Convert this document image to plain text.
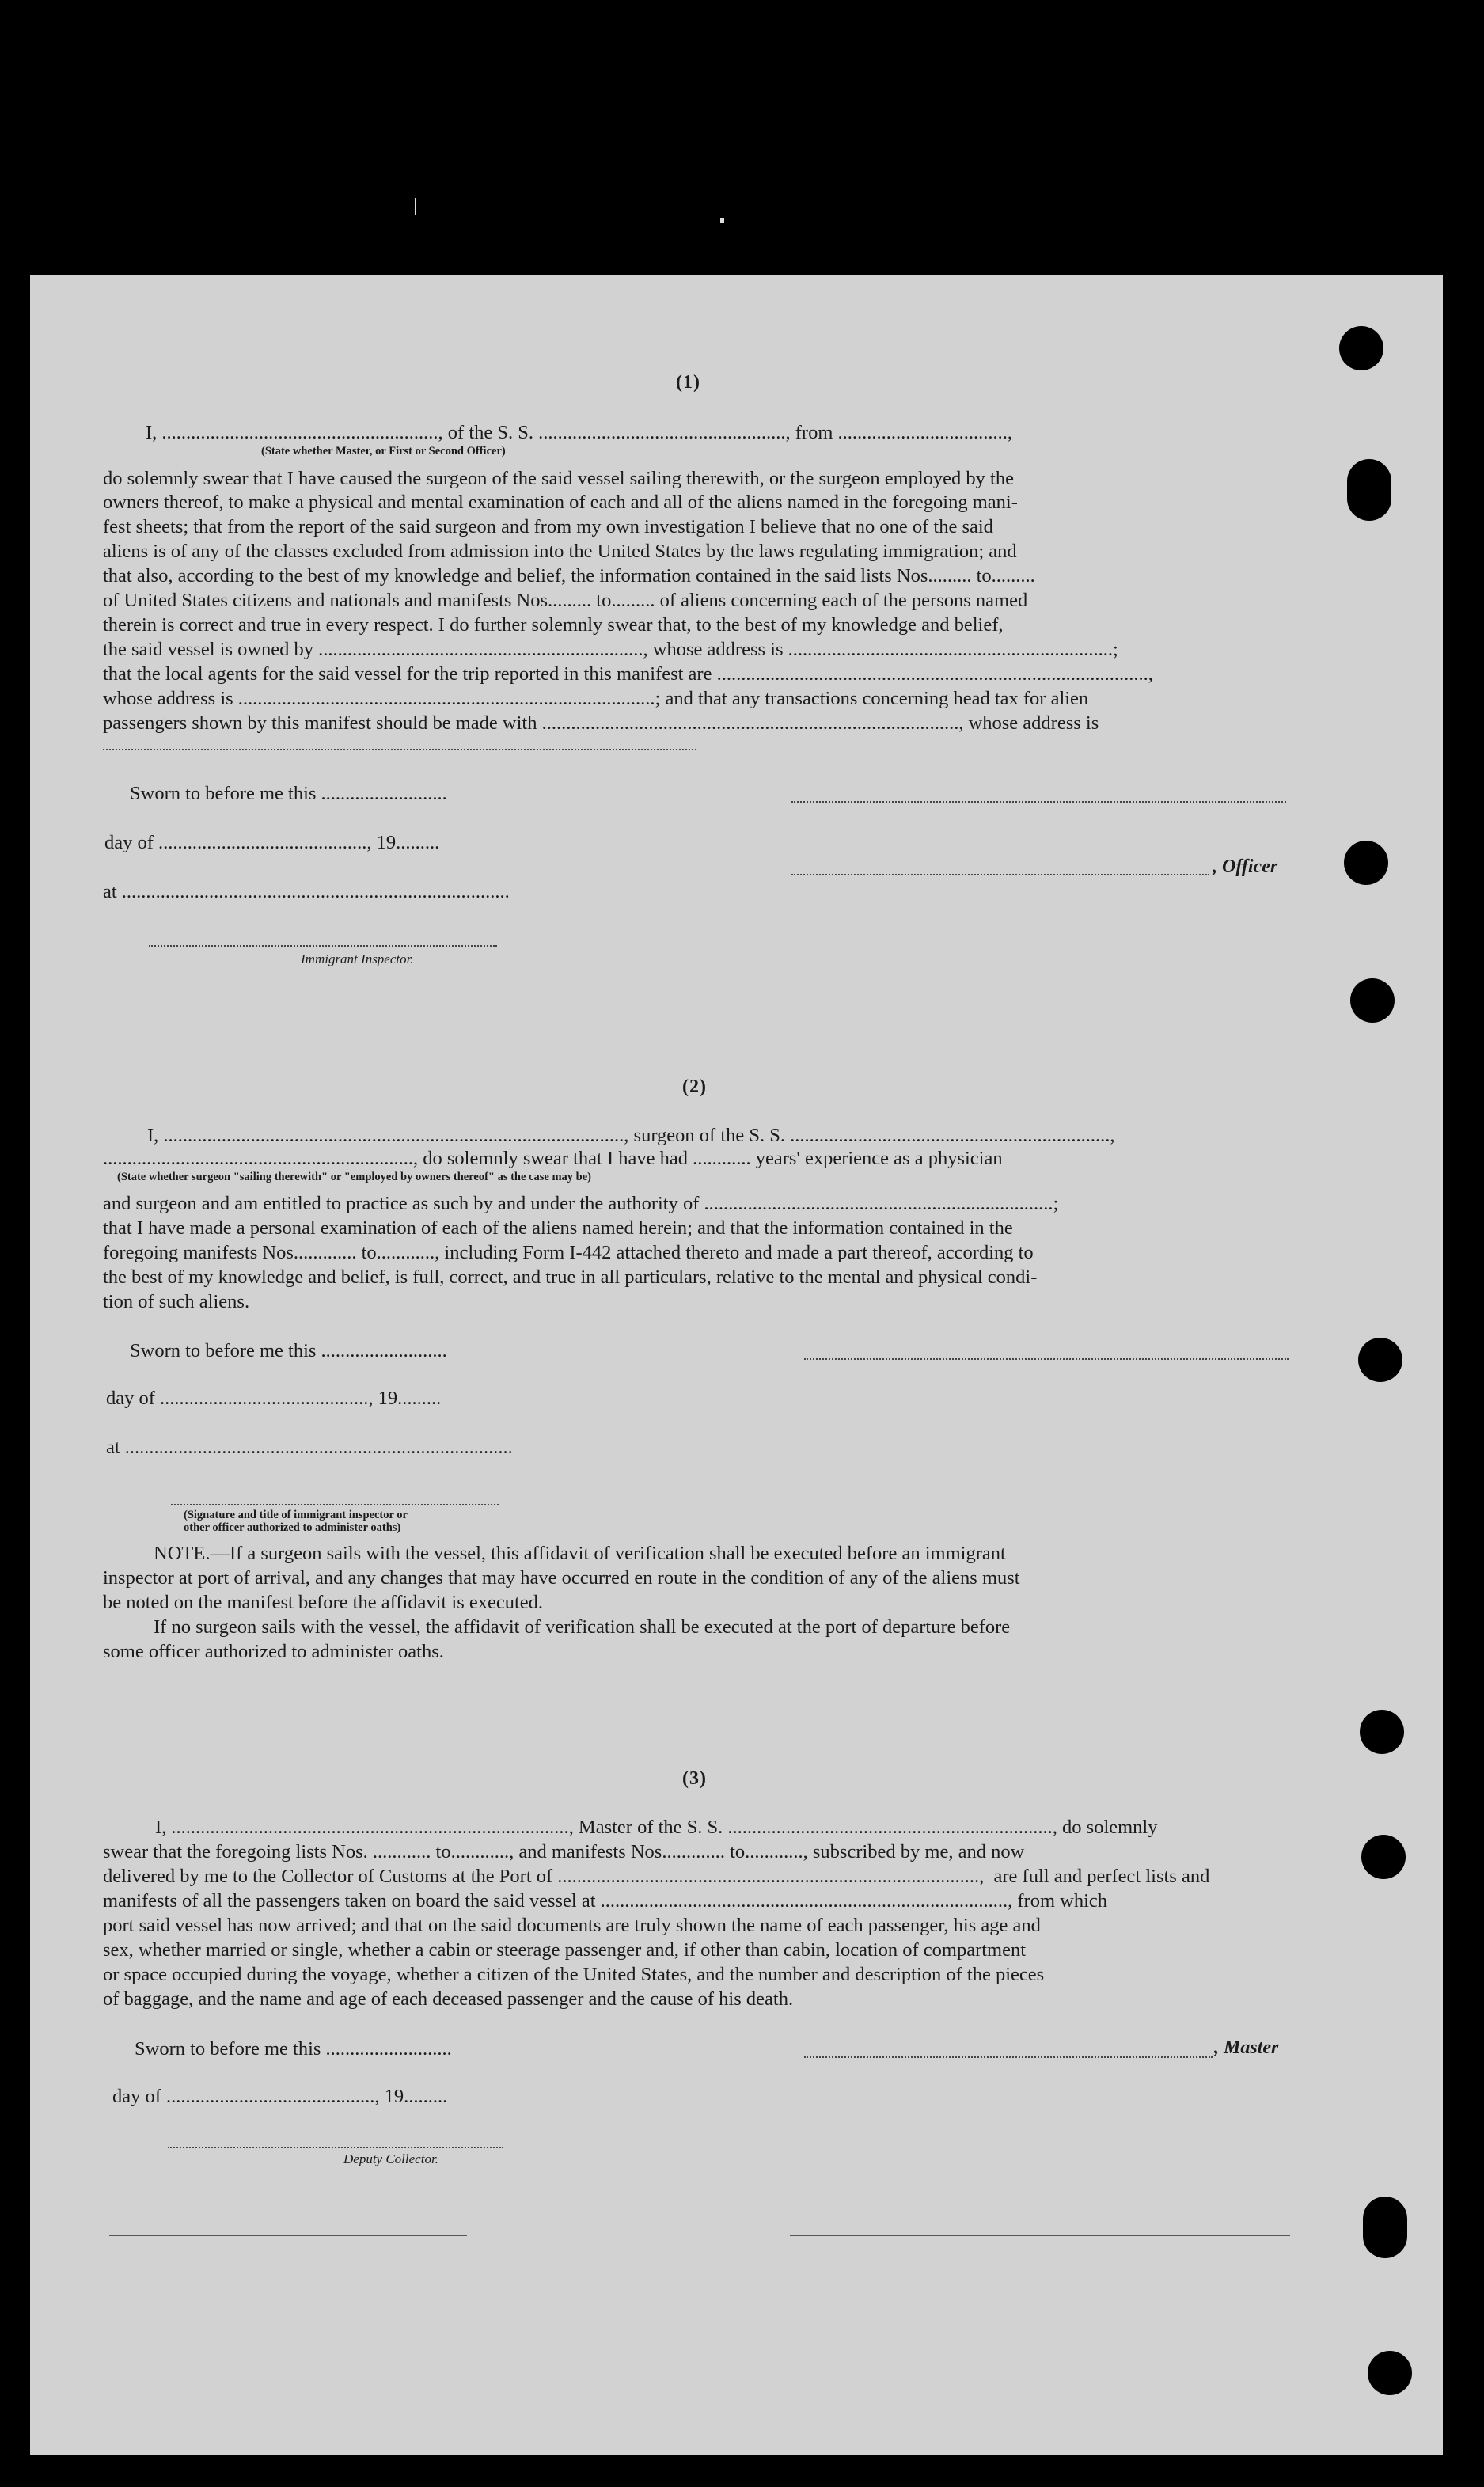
(1)
I, ........................................................., of the S. S. ..................................................., from ...................................,
(State whether Master, or First or Second Officer)
do solemnly swear that I have caused the surgeon of the said vessel sailing therewith, or the surgeon employed by the
owners thereof, to make a physical and mental examination of each and all of the aliens named in the foregoing mani-
fest sheets; that from the report of the said surgeon and from my own investigation I believe that no one of the said
aliens is of any of the classes excluded from admission into the United States by the laws regulating immigration; and
that also, according to the best of my knowledge and belief, the information contained in the said lists Nos......... to.........
of United States citizens and nationals and manifests Nos......... to......... of aliens concerning each of the persons named
therein is correct and true in every respect. I do further solemnly swear that, to the best of my knowledge and belief,
the said vessel is owned by ..................................................................., whose address is ...................................................................;
that the local agents for the said vessel for the trip reported in this manifest are .........................................................................................,
whose address is ......................................................................................; and that any transactions concerning head tax for alien
passengers shown by this manifest should be made with ......................................................................................, whose address is
Sworn to before me this ..........................
day of ..........................................., 19.........
, Officer
at ................................................................................
Immigrant Inspector.
(2)
I, ..............................................................................................., surgeon of the S. S. ..................................................................,
................................................................, do solemnly swear that I have had ............ years' experience as a physician
(State whether surgeon "sailing therewith" or "employed by owners thereof" as the case may be)
and surgeon and am entitled to practice as such by and under the authority of ........................................................................;
that I have made a personal examination of each of the aliens named herein; and that the information contained in the
foregoing manifests Nos............. to............, including Form I-442 attached thereto and made a part thereof, according to
the best of my knowledge and belief, is full, correct, and true in all particulars, relative to the mental and physical condi-
tion of such aliens.
Sworn to before me this ..........................
day of ..........................................., 19.........
at ................................................................................
(Signature and title of immigrant inspector or
other officer authorized to administer oaths)
NOTE.—If a surgeon sails with the vessel, this affidavit of verification shall be executed before an immigrant
inspector at port of arrival, and any changes that may have occurred en route in the condition of any of the aliens must
be noted on the manifest before the affidavit is executed.
If no surgeon sails with the vessel, the affidavit of verification shall be executed at the port of departure before
some officer authorized to administer oaths.
(3)
I, .................................................................................., Master of the S. S. ..................................................................., do solemnly
swear that the foregoing lists Nos. ............ to............, and manifests Nos............. to............, subscribed by me, and now
delivered by me to the Collector of Customs at the Port of .......................................................................................,  are full and perfect lists and
manifests of all the passengers taken on board the said vessel at ...................................................................................., from which
port said vessel has now arrived; and that on the said documents are truly shown the name of each passenger, his age and
sex, whether married or single, whether a cabin or steerage passenger and, if other than cabin, location of compartment
or space occupied during the voyage, whether a citizen of the United States, and the number and description of the pieces
of baggage, and the name and age of each deceased passenger and the cause of his death.
Sworn to before me this ..........................	, Master
day of ..........................................., 19.........
Deputy Collector.
